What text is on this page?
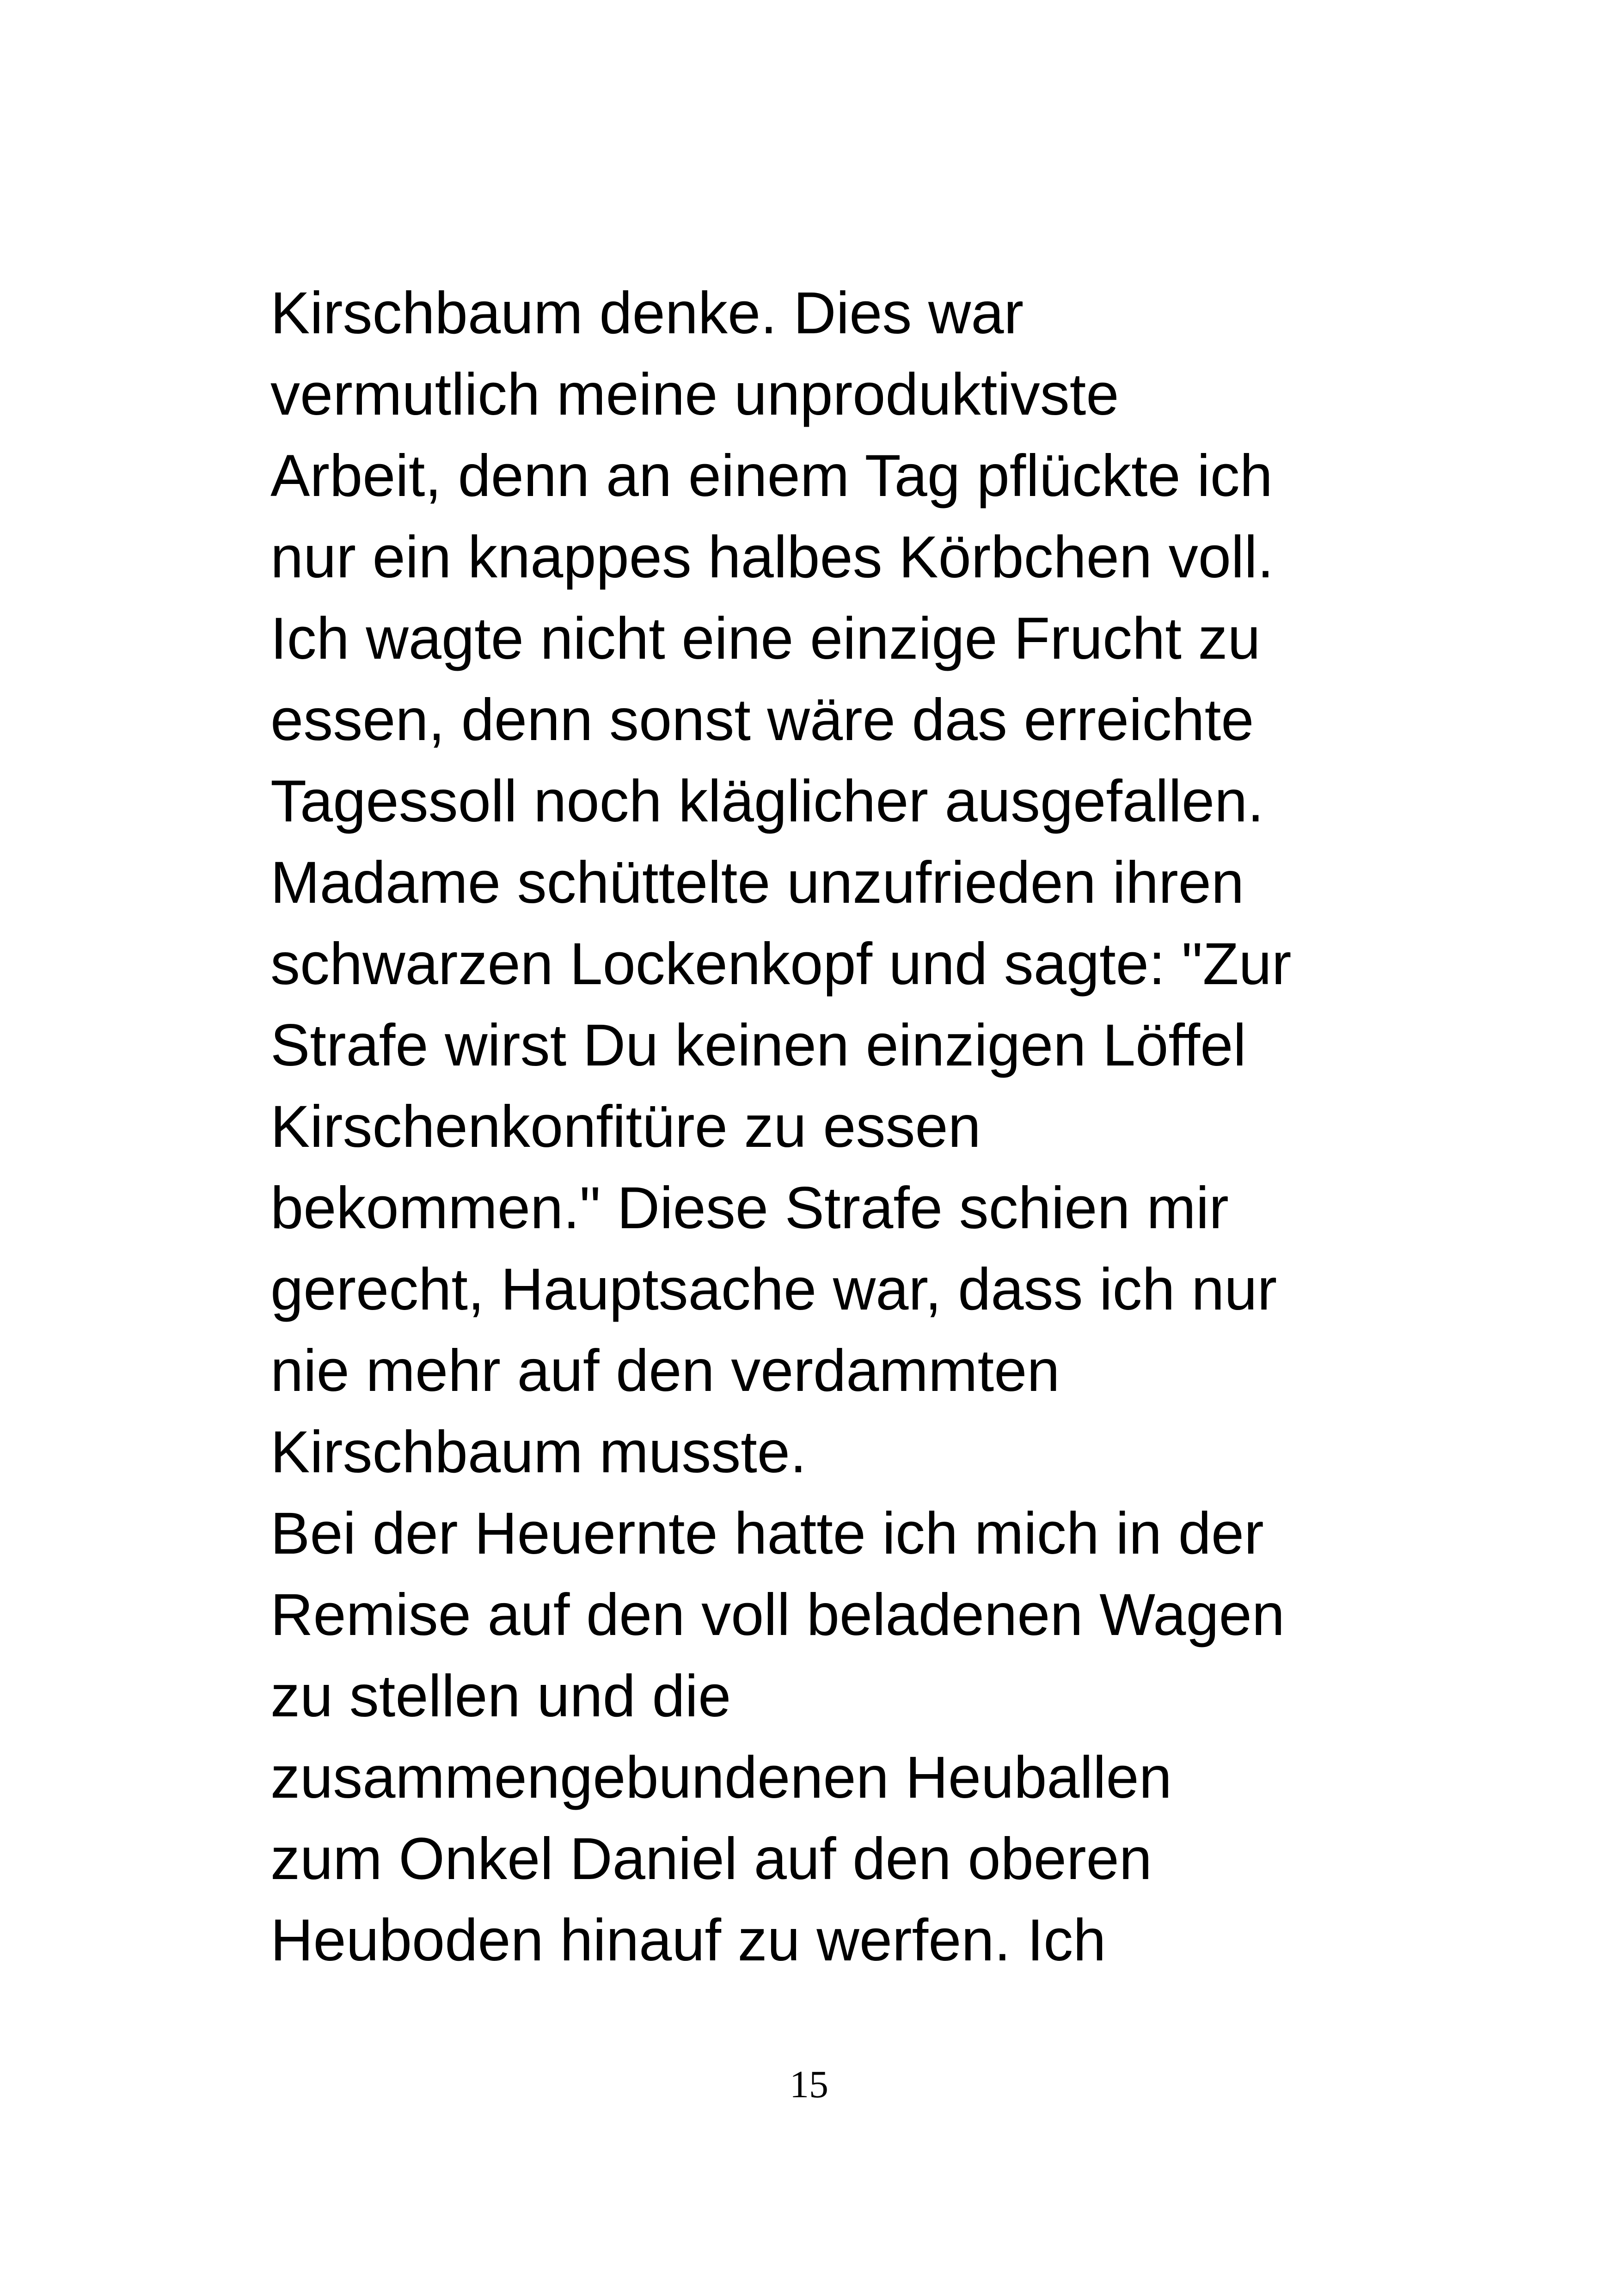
Kirschbaum denke. Dies war
vermutlich meine unproduktivste
Arbeit, denn an einem Tag pflückte ich
nur ein knappes halbes Körbchen voll.
Ich wagte nicht eine einzige Frucht zu
essen, denn sonst wäre das erreichte
Tagessoll noch kläglicher ausgefallen.
Madame schüttelte unzufrieden ihren
schwarzen Lockenkopf und sagte: "Zur
Strafe wirst Du keinen einzigen Löffel
Kirschenkonfitüre zu essen
bekommen." Diese Strafe schien mir
gerecht, Hauptsache war, dass ich nur
nie mehr auf den verdammten
Kirschbaum musste.
Bei der Heuernte hatte ich mich in der
Remise auf den voll beladenen Wagen
zu stellen und die
zusammengebundenen Heuballen
zum Onkel Daniel auf den oberen
Heuboden hinauf zu werfen. Ich
15
